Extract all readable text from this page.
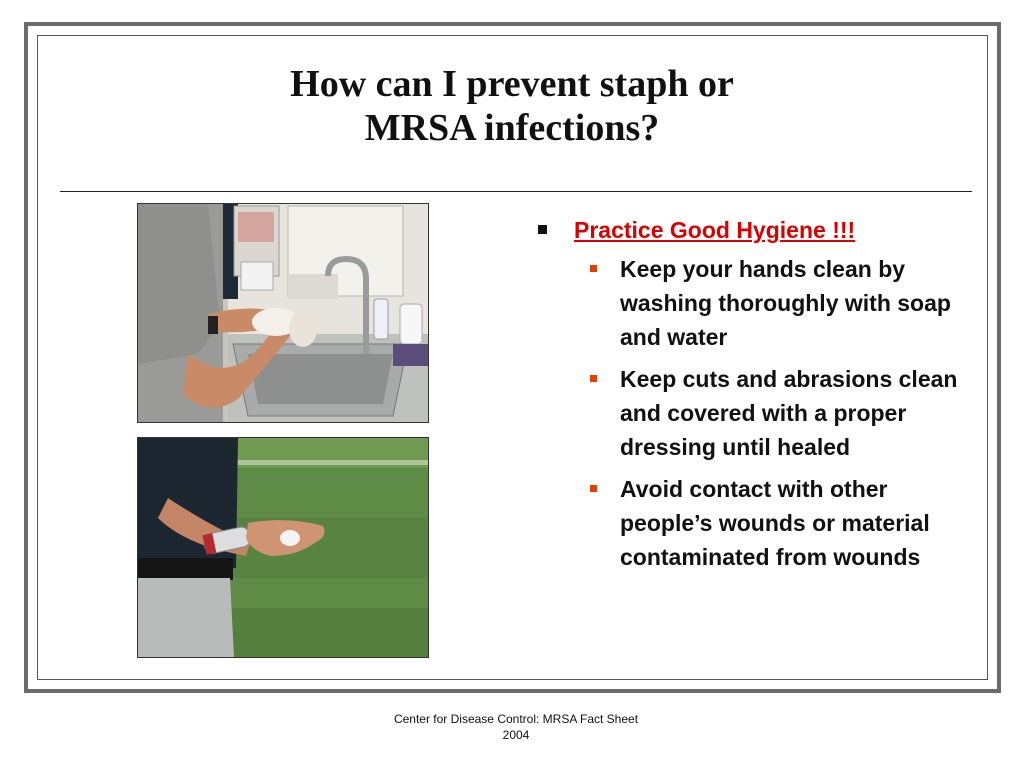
How can I prevent staph or
MRSA infections?
Practice Good Hygiene !!!
Keep your hands clean by washing thoroughly with soap and water
Keep cuts and abrasions clean and covered with a proper dressing until healed
Avoid contact with other people’s wounds or material contaminated from wounds
Center for Disease Control: MRSA Fact Sheet
2004
